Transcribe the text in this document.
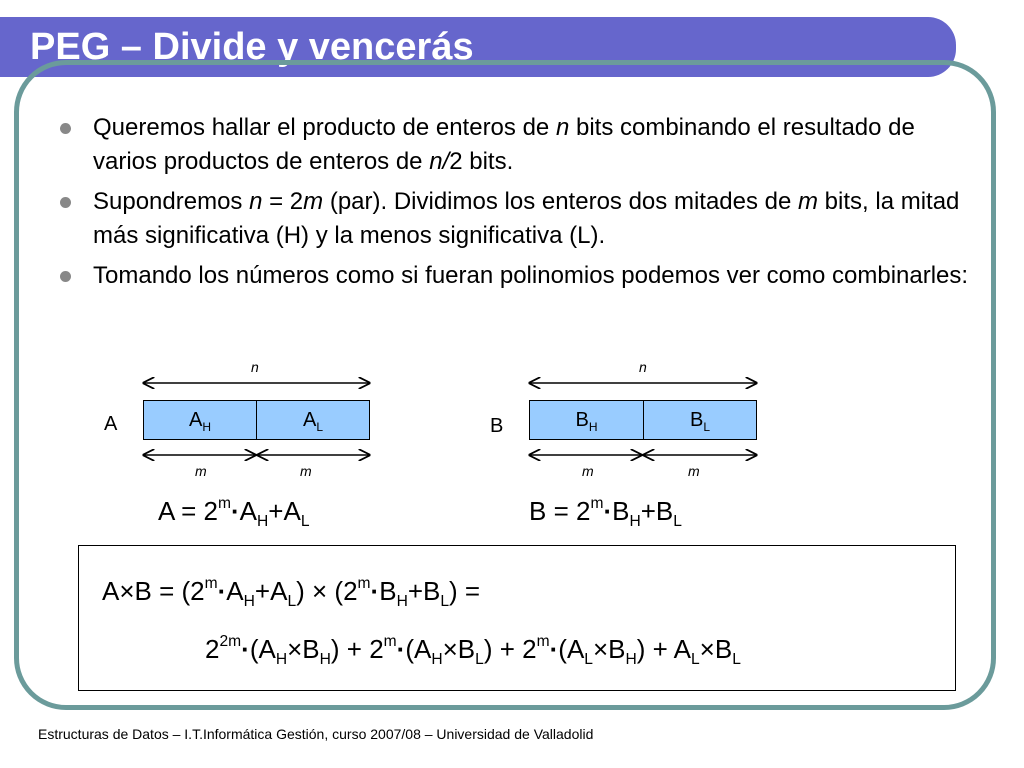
PEG – Divide y vencerás
Queremos hallar el producto de enteros de n bits combinando el resultado de varios productos de enteros de n/2 bits.
Supondremos n = 2m (par). Dividimos los enteros dos mitades de m bits, la mitad más significativa (H) y la menos significativa (L).
Tomando los números como si fueran polinomios podemos ver como combinarles:
n
A	$A_H$	$A_L$
m	m
n
B	$B_H$	$B_L$
m	m
$A = 2^m\cdot A_H+A_L$	$B = 2^m\cdot B_H+B_L$
$A\times B = (2^m\cdot A_H+A_L) \times (2^m\cdot B_H+B_L)$ =
$2^{2m}\cdot(A_H\times B_H) + 2^m\cdot(A_H\times B_L) + 2^m\cdot(A_L\times B_H) + A_L\times B_L$
Estructuras de Datos – I.T.Informática Gestión, curso 2007/08 – Universidad de Valladolid
